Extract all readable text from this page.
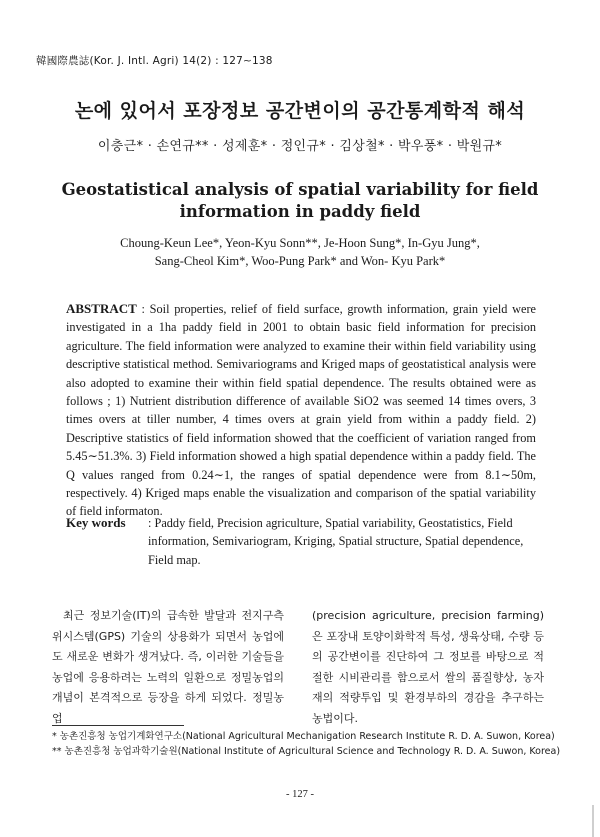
韓國際農誌(Kor. J. Intl. Agri) 14(2) : 127∼138
논에 있어서 포장정보 공간변이의 공간통계학적 해석
이충근* · 손연규** · 성제훈* · 정인규* · 김상철* · 박우풍* · 박원규*
Geostatistical analysis of spatial variability for field
information in paddy field
Choung-Keun Lee*, Yeon-Kyu Sonn**, Je-Hoon Sung*, In-Gyu Jung*,
Sang-Cheol Kim*, Woo-Pung Park* and Won- Kyu Park*
ABSTRACT : Soil properties, relief of field surface, growth information, grain yield were investigated in a 1ha paddy field in 2001 to obtain basic field information for precision agriculture. The field information were analyzed to examine their within field variability using descriptive statistical method. Semivariograms and Kriged maps of geostatistical analysis were also adopted to examine their within field spatial dependence. The results obtained were as follows ; 1) Nutrient distribution difference of available SiO2 was seemed 14 times overs, 3 times overs at tiller number, 4 times overs at grain yield from within a paddy field. 2) Descriptive statistics of field information showed that the coefficient of variation ranged from 5.45∼51.3%. 3) Field information showed a high spatial dependence within a paddy field. The Q values ranged from 0.24∼1, the ranges of spatial dependence were from 8.1∼50m, respectively. 4) Kriged maps enable the visualization and comparison of the spatial variability of field informaton.
Key words : Paddy field, Precision agriculture, Spatial variability, Geostatistics, Field information, Semivariogram, Kriging, Spatial structure, Spatial dependence, Field map.

최근 정보기술(IT)의 급속한 발달과 전지구측위시스템(GPS) 기술의 상용화가 되면서 농업에도 새로운 변화가 생겨났다. 즉, 이러한 기술들을 농업에 응용하려는 노력의 일환으로 정밀농업의 개념이 본격적으로 등장을 하게 되었다. 정밀농업

(precision agriculture, precision farming)은 포장내 토양이화학적 특성, 생육상태, 수량 등의 공간변이를 진단하여 그 정보를 바탕으로 적절한 시비관리를 함으로서 쌀의 품질향상, 농자재의 적량투입 및 환경부하의 경감을 추구하는 농법이다.

* 농촌진흥청 농업기계화연구소(National Agricultural Mechanigation Research Institute R. D. A. Suwon, Korea)
** 농촌진흥청 농업과학기술원(National Institute of Agricultural Science and Technology R. D. A. Suwon, Korea)
- 127 -
